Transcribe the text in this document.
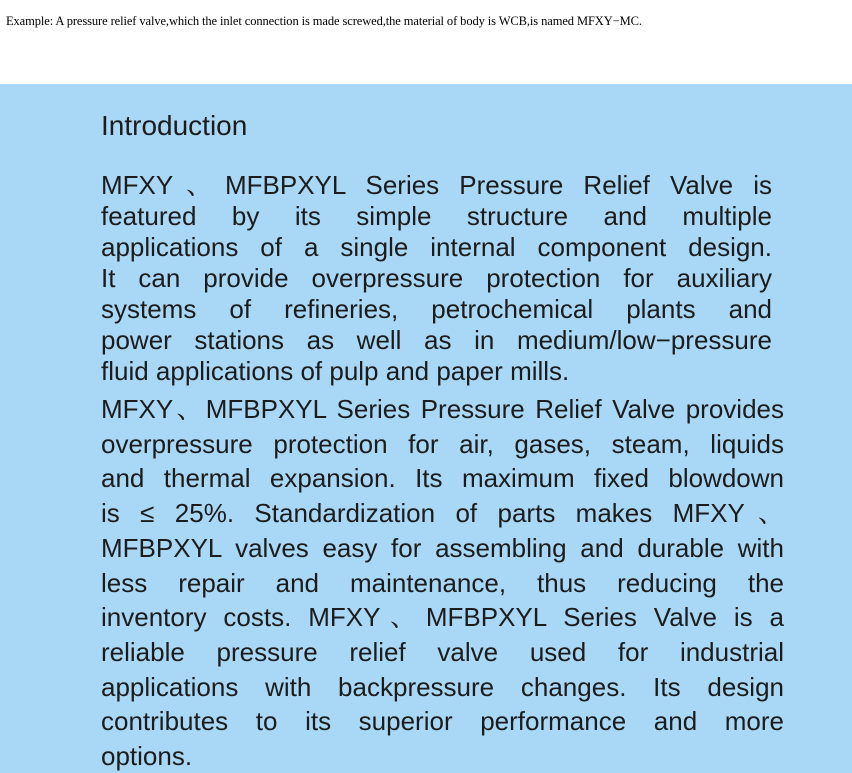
Example: A pressure relief valve,which the inlet connection is made screwed,the material of body is WCB,is named MFXY−MC.
Introduction
MFXY、MFBPXYL Series Pressure Relief Valve is
featured by its simple structure and multiple
applications of a single internal component design.
It can provide overpressure protection for auxiliary
systems of refineries, petrochemical plants and
power stations as well as in medium/low−pressure
fluid applications of pulp and paper mills.
MFXY、MFBPXYL Series Pressure Relief Valve provides
overpressure protection for air, gases, steam, liquids
and thermal expansion. Its maximum fixed blowdown
is ≤ 25%. Standardization of parts makes MFXY、
MFBPXYL valves easy for assembling and durable with
less repair and maintenance, thus reducing the
inventory costs. MFXY、MFBPXYL Series Valve is a
reliable pressure relief valve used for industrial
applications with backpressure changes. Its design
contributes to its superior performance and more
options.
